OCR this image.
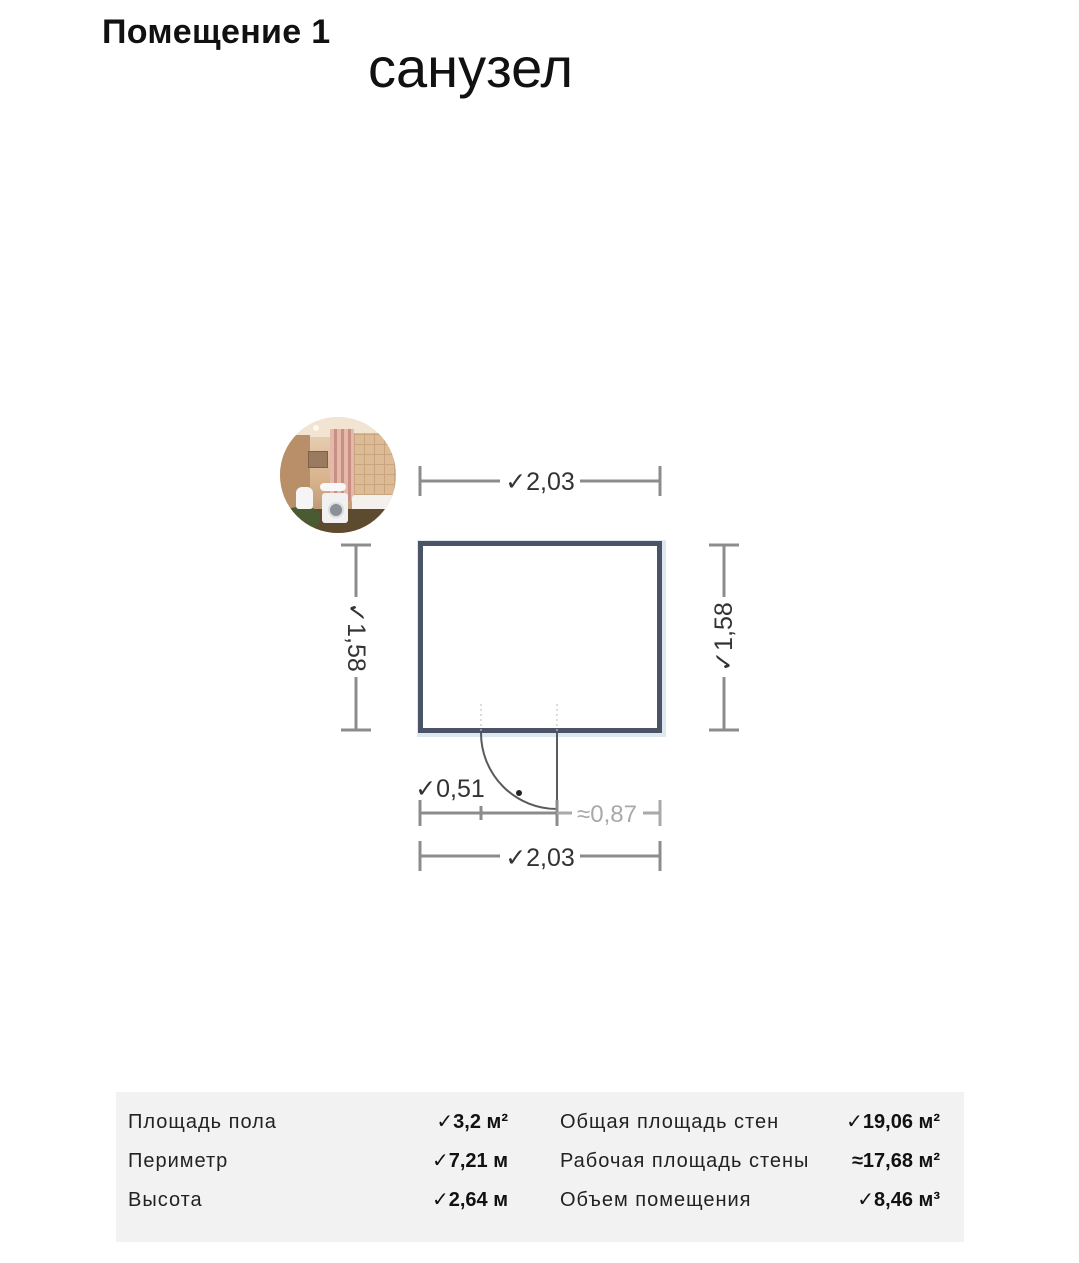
Помещение 1
санузел
✓2,03
✓1,58	✓1,58
✓0,51
≈0,87
✓2,03
Площадь пола	✓3,2 м²	Общая площадь стен	✓19,06 м²
Периметр	✓7,21 м	Рабочая площадь стены ≈17,68 м²
Высота	✓2,64 м	Объем помещения	✓8,46 м³
